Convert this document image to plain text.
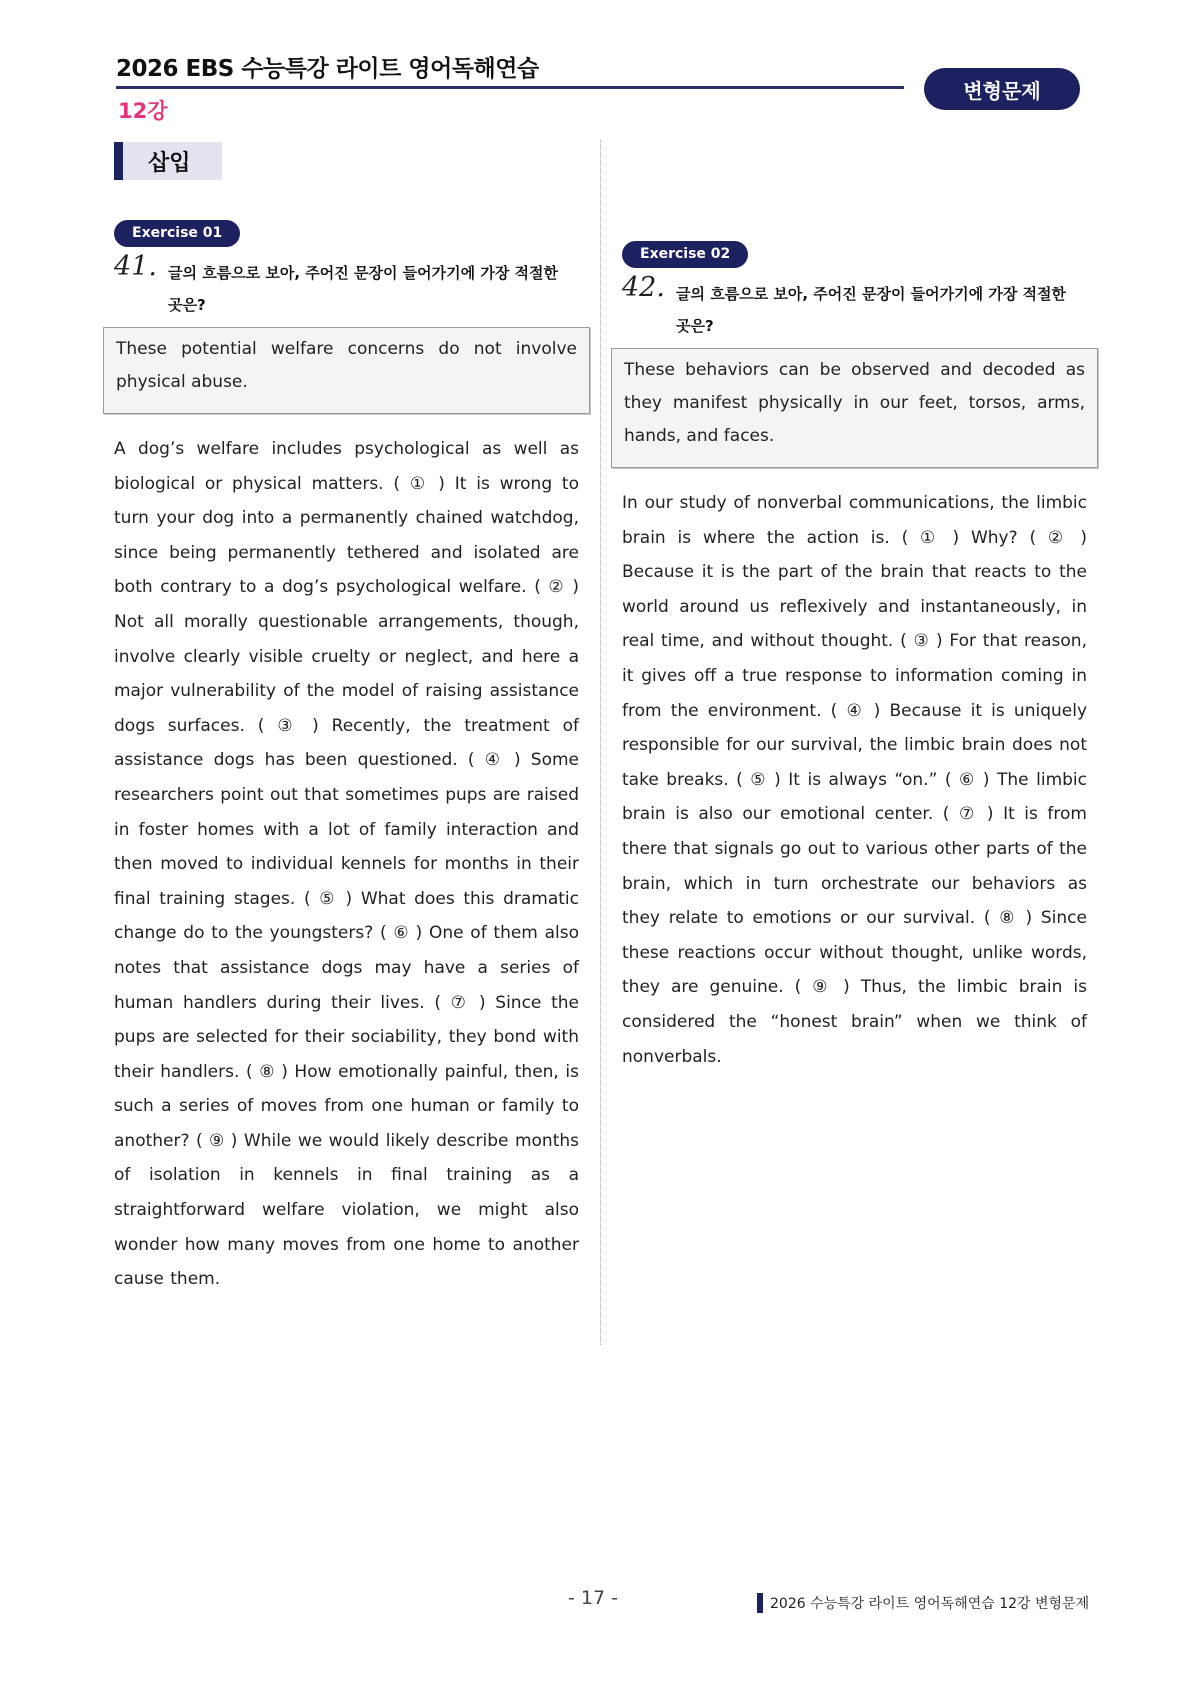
2026 EBS 수능특강 라이트 영어독해연습
12강
변형문제
삽입
Exercise 01
41. 글의 흐름으로 보아, 주어진 문장이 들어가기에 가장 적절한
곳은?
These potential welfare concerns do not involve physical abuse.
A dog’s welfare includes psychological as well as biological or physical matters. ( ① ) It is wrong to turn your dog into a permanently chained watchdog, since being permanently tethered and isolated are both contrary to a dog’s psychological welfare. ( ② ) Not all morally questionable arrangements, though, involve clearly visible cruelty or neglect, and here a major vulnerability of the model of raising assistance dogs surfaces. ( ③ ) Recently, the treatment of assistance dogs has been questioned. ( ④ ) Some researchers point out that sometimes pups are raised in foster homes with a lot of family interaction and then moved to individual kennels for months in their final training stages. ( ⑤ ) What does this dramatic change do to the youngsters? ( ⑥ ) One of them also notes that assistance dogs may have a series of human handlers during their lives. ( ⑦ ) Since the pups are selected for their sociability, they bond with their handlers. ( ⑧ ) How emotionally painful, then, is such a series of moves from one human or family to another? ( ⑨ ) While we would likely describe months of isolation in kennels in final training as a straightforward welfare violation, we might also wonder how many moves from one home to another cause them.
Exercise 02
42. 글의 흐름으로 보아, 주어진 문장이 들어가기에 가장 적절한
곳은?
These behaviors can be observed and decoded as they manifest physically in our feet, torsos, arms, hands, and faces.
In our study of nonverbal communications, the limbic brain is where the action is. ( ① ) Why? ( ② ) Because it is the part of the brain that reacts to the world around us reflexively and instantaneously, in real time, and without thought. ( ③ ) For that reason, it gives off a true response to information coming in from the environment. ( ④ ) Because it is uniquely responsible for our survival, the limbic brain does not take breaks. ( ⑤ ) It is always “on.” ( ⑥ ) The limbic brain is also our emotional center. ( ⑦ ) It is from there that signals go out to various other parts of the brain, which in turn orchestrate our behaviors as they relate to emotions or our survival. ( ⑧ ) Since these reactions occur without thought, unlike words, they are genuine. ( ⑨ ) Thus, the limbic brain is considered the “honest brain” when we think of nonverbals.
- 17 -	2026 수능특강 라이트 영어독해연습 12강 변형문제
